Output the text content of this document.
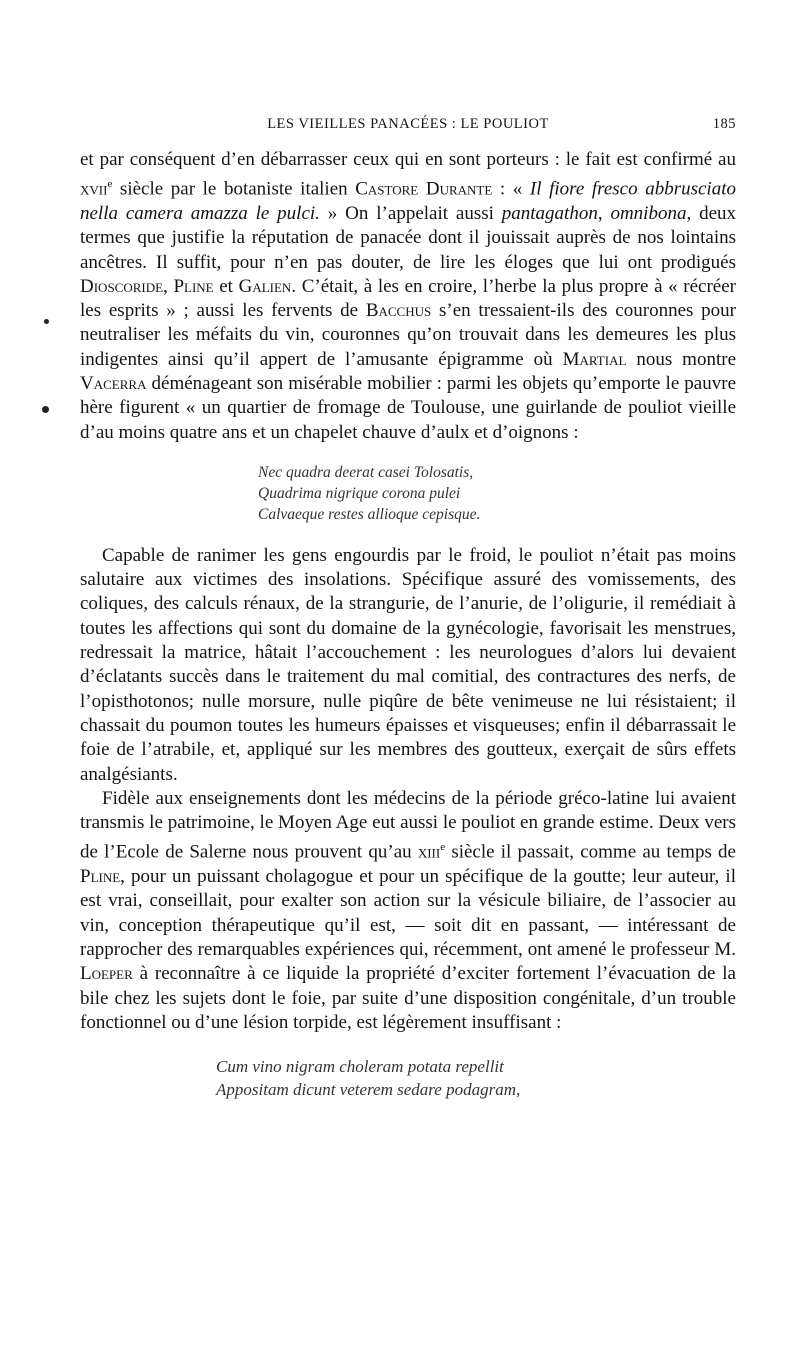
LES VIEILLES PANACÉES : LE POULIOT	185

et par conséquent d’en débarrasser ceux qui en sont porteurs : le fait est confirmé au xvii$^e$ siècle par le botaniste italien Castore Durante : « Il fiore fresco abbrusciato nella camera amazza le pulci. » On l’appelait aussi pantagathon, omnibona, deux termes que justifie la réputation de panacée dont il jouissait auprès de nos lointains ancêtres. Il suffit, pour n’en pas douter, de lire les éloges que lui ont prodigués Dioscoride, Pline et Galien. C’était, à les en croire, l’herbe la plus propre à « récréer les esprits » ; aussi les fervents de Bacchus s’en tressaient-ils des couronnes pour neutraliser les méfaits du vin, couronnes qu’on trouvait dans les demeures les plus indigentes ainsi qu’il appert de l’amusante épigramme où Martial nous montre Vacerra déménageant son misérable mobilier : parmi les objets qu’emporte le pauvre hère figurent « un quartier de fromage de Toulouse, une guirlande de pouliot vieille d’au moins quatre ans et un chapelet chauve d’aulx et d’oignons :

Nec quadra deerat casei Tolosatis,
Quadrima nigrique corona pulei
Calvaeque restes allioque cepisque.

Capable de ranimer les gens engourdis par le froid, le pouliot n’était pas moins salutaire aux victimes des insolations. Spécifique assuré des vomissements, des coliques, des calculs rénaux, de la strangurie, de l’anurie, de l’oligurie, il remédiait à toutes les affections qui sont du domaine de la gynécologie, favorisait les menstrues, redressait la matrice, hâtait l’accouchement : les neurologues d’alors lui devaient d’éclatants succès dans le traitement du mal comitial, des contractures des nerfs, de l’opisthotonos; nulle morsure, nulle piqûre de bête venimeuse ne lui résistaient; il chassait du poumon toutes les humeurs épaisses et visqueuses; enfin il débarrassait le foie de l’atrabile, et, appliqué sur les membres des goutteux, exerçait de sûrs effets analgésiants.

Fidèle aux enseignements dont les médecins de la période gréco-latine lui avaient transmis le patrimoine, le Moyen Age eut aussi le pouliot en grande estime. Deux vers de l’Ecole de Salerne nous prouvent qu’au xiii$^e$ siècle il passait, comme au temps de Pline, pour un puissant cholagogue et pour un spécifique de la goutte; leur auteur, il est vrai, conseillait, pour exalter son action sur la vésicule biliaire, de l’associer au vin, conception thérapeutique qu’il est, — soit dit en passant, — intéressant de rapprocher des remarquables expériences qui, récemment, ont amené le professeur M. Loeper à reconnaître à ce liquide la propriété d’exciter fortement l’évacuation de la bile chez les sujets dont le foie, par suite d’une disposition congénitale, d’un trouble fonctionnel ou d’une lésion torpide, est légèrement insuffisant :

Cum vino nigram choleram potata repellit
Appositam dicunt veterem sedare podagram,
